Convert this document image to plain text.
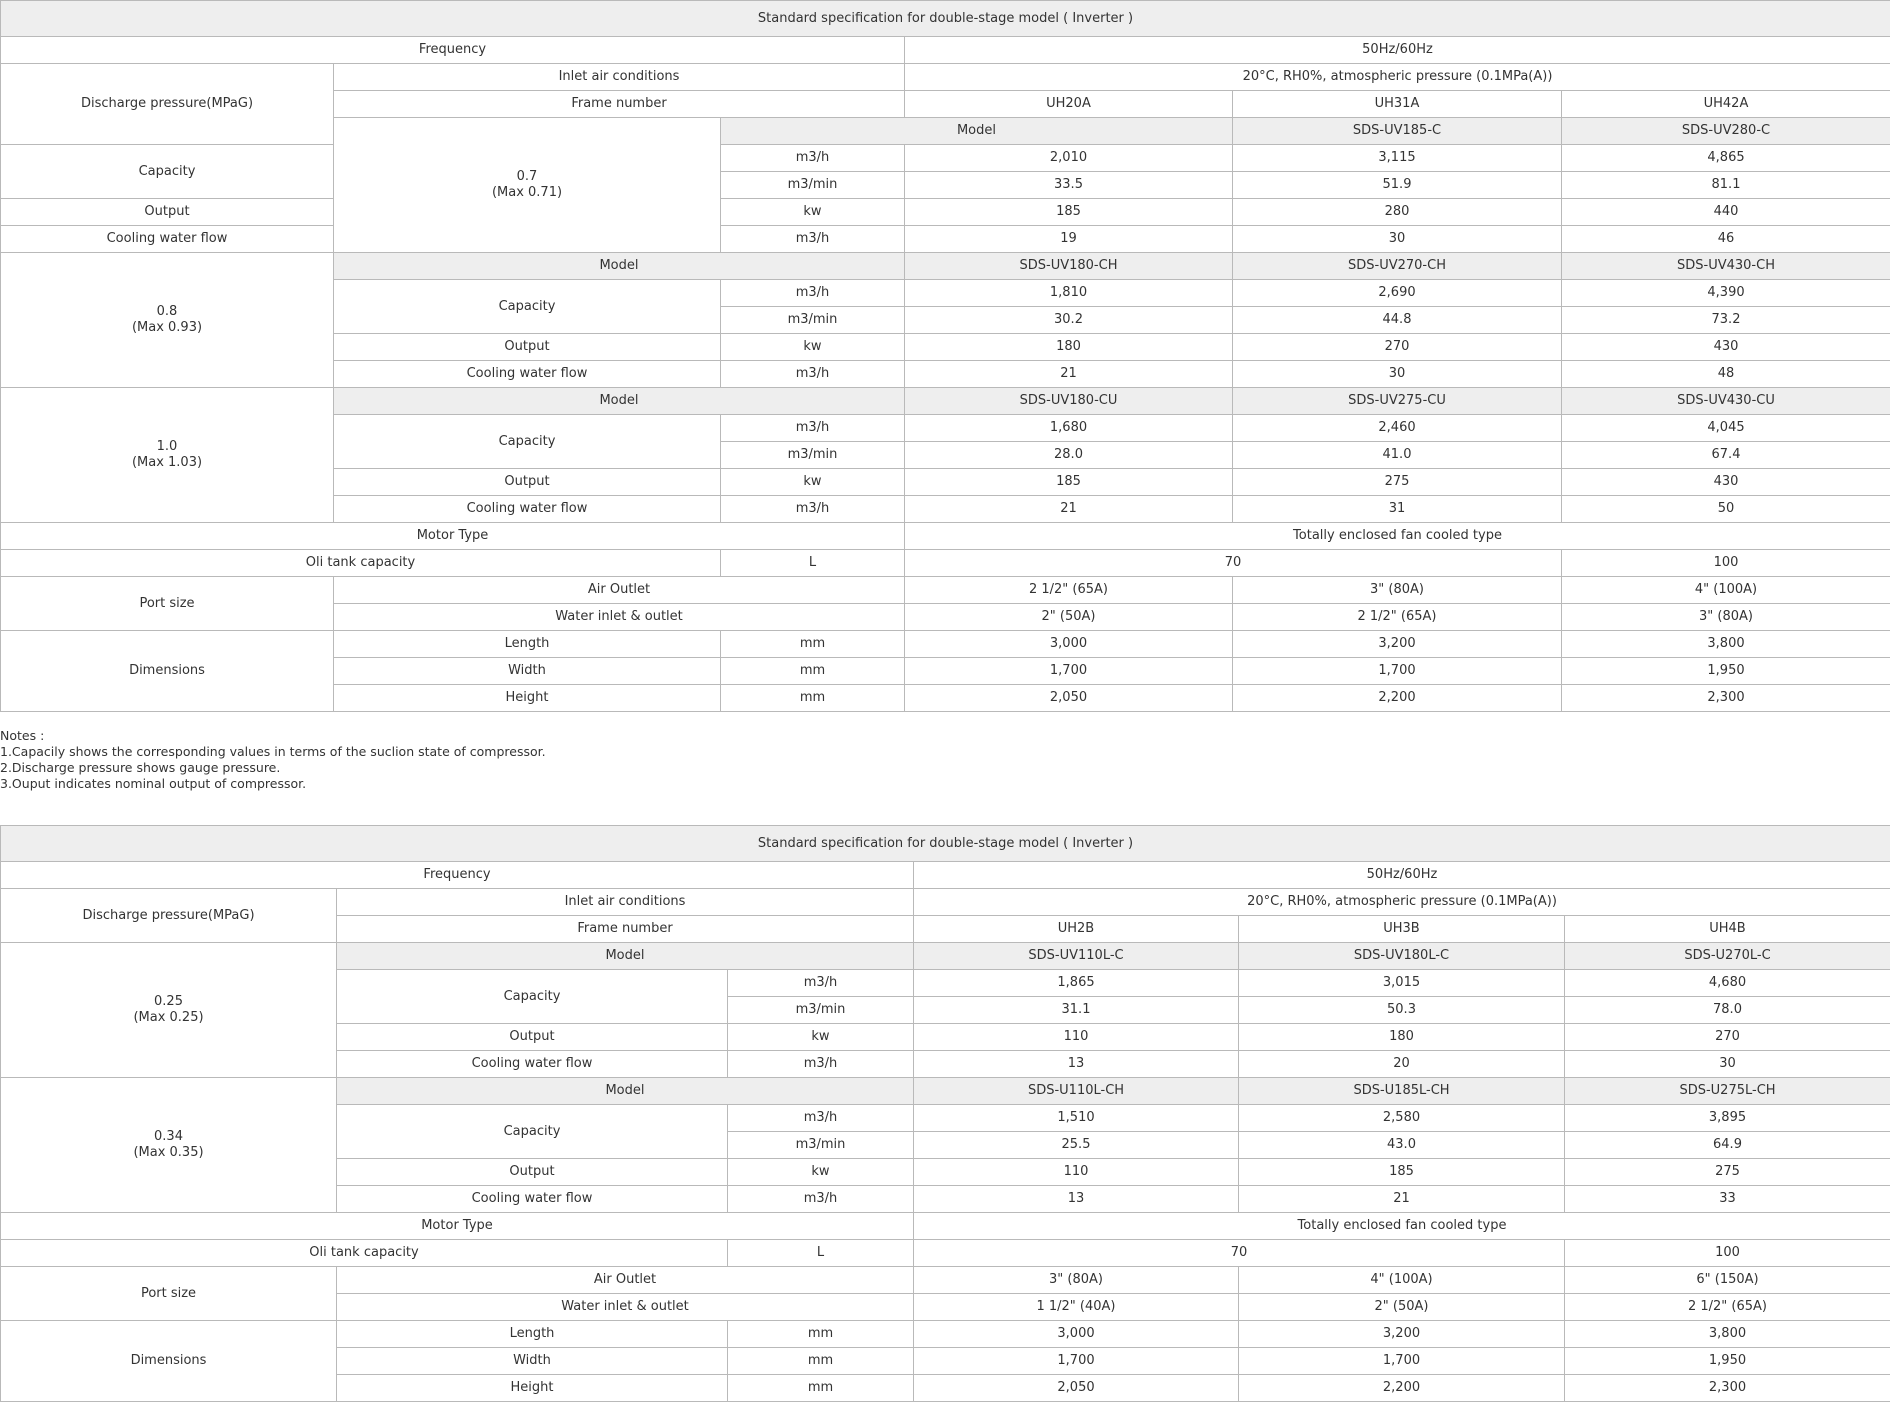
Standard specification for double-stage model ( Inverter )						
Frequency			50Hz/60Hz			
Discharge pressure(MPaG)	Inlet air conditions		20°C, RH0%, atmospheric pressure (0.1MPa(A))			
	Frame number		UH20A	UH31A	UH42A	
	0.7
(Max 0.71)	Model		SDS-UV185-C	SDS-UV280-C	
Capacity		m3/h	2,010	3,115	4,865	
		m3/min	33.5	51.9	81.1	
Output		kw	185	280	440	
Cooling water flow		m3/h	19	30	46	
0.8
(Max 0.93)	Model		SDS-UV180-CH	SDS-UV270-CH	SDS-UV430-CH	
	Capacity	m3/h	1,810	2,690	4,390	
		m3/min	30.2	44.8	73.2	
	Output	kw	180	270	430	
	Cooling water flow	m3/h	21	30	48	
1.0
(Max 1.03)	Model		SDS-UV180-CU	SDS-UV275-CU	SDS-UV430-CU	
	Capacity	m3/h	1,680	2,460	4,045	
		m3/min	28.0	41.0	67.4	
	Output	kw	185	275	430	
	Cooling water flow	m3/h	21	31	50	
Motor Type			Totally enclosed fan cooled type			
Oli tank capacity		L	70		100	
Port size	Air Outlet		2 1/2" (65A)	3" (80A)	4" (100A)	
	Water inlet & outlet		2" (50A)	2 1/2" (65A)	3" (80A)	
Dimensions	Length	mm	3,000	3,200	3,800	
	Width	mm	1,700	1,700	1,950	
	Height	mm	2,050	2,200	2,300	
Notes :
1.Capacily shows the corresponding values in terms of the suclion state of compressor.
2.Discharge pressure shows gauge pressure.
3.Ouput indicates nominal output of compressor.
Standard specification for double-stage model ( Inverter )					
Frequency			50Hz/60Hz		
Discharge pressure(MPaG)	Inlet air conditions		20°C, RH0%, atmospheric pressure (0.1MPa(A))		
	Frame number		UH2B	UH3B	UH4B
0.25
(Max 0.25)	Model		SDS-UV110L-C	SDS-UV180L-C	SDS-U270L-C
	Capacity	m3/h	1,865	3,015	4,680
		m3/min	31.1	50.3	78.0
	Output	kw	110	180	270
	Cooling water flow	m3/h	13	20	30
0.34
(Max 0.35)	Model		SDS-U110L-CH	SDS-U185L-CH	SDS-U275L-CH
	Capacity	m3/h	1,510	2,580	3,895
		m3/min	25.5	43.0	64.9
	Output	kw	110	185	275
	Cooling water flow	m3/h	13	21	33
Motor Type			Totally enclosed fan cooled type		
Oli tank capacity		L	70		100
Port size	Air Outlet		3" (80A)	4" (100A)	6" (150A)
	Water inlet & outlet		1 1/2" (40A)	2" (50A)	2 1/2" (65A)
Dimensions	Length	mm	3,000	3,200	3,800
	Width	mm	1,700	1,700	1,950
	Height	mm	2,050	2,200	2,300
